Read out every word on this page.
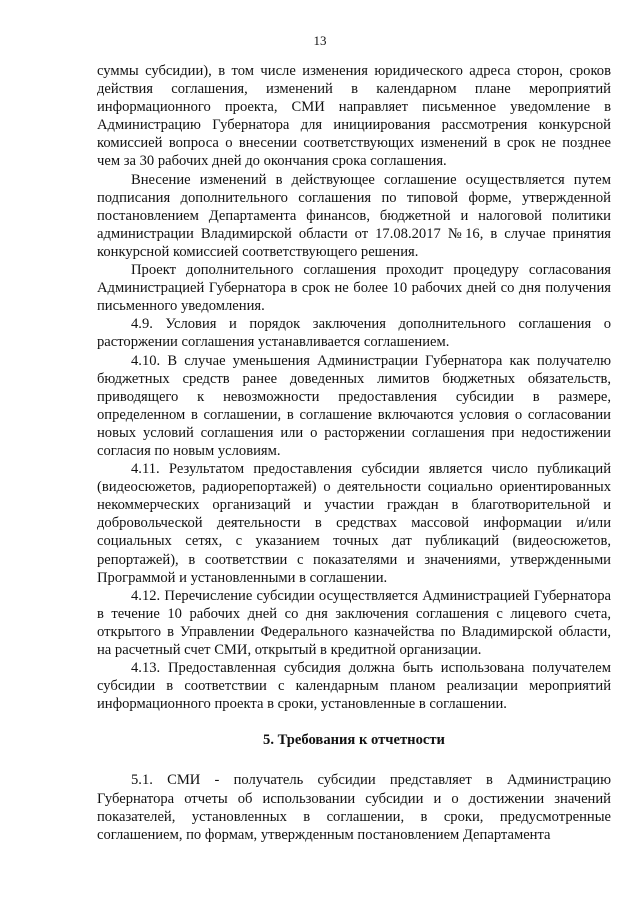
13

суммы субсидии), в том числе изменения юридического адреса сторон, сроков действия соглашения, изменений в календарном плане мероприятий информационного проекта, СМИ направляет письменное уведомление в Администрацию Губернатора для инициирования рассмотрения конкурсной комиссией вопроса о внесении соответствующих изменений в срок не позднее чем за 30 рабочих дней до окончания срока соглашения.

Внесение изменений в действующее соглашение осуществляется путем подписания дополнительного соглашения по типовой форме, утвержденной постановлением Департамента финансов, бюджетной и налоговой политики администрации Владимирской области от 17.08.2017 №16, в случае принятия конкурсной комиссией соответствующего решения.

Проект дополнительного соглашения проходит процедуру согласования Администрацией Губернатора в срок не более 10 рабочих дней со дня получения письменного уведомления.

4.9. Условия и порядок заключения дополнительного соглашения о расторжении соглашения устанавливается соглашением.

4.10. В случае уменьшения Администрации Губернатора как получателю бюджетных средств ранее доведенных лимитов бюджетных обязательств, приводящего к невозможности предоставления субсидии в размере, определенном в соглашении, в соглашение включаются условия о согласовании новых условий соглашения или о расторжении соглашения при недостижении согласия по новым условиям.

4.11. Результатом предоставления субсидии является число публикаций (видеосюжетов, радиорепортажей) о деятельности социально ориентированных некоммерческих организаций и участии граждан в благотворительной и добровольческой деятельности в средствах массовой информации и/или социальных сетях, с указанием точных дат публикаций (видеосюжетов, репортажей), в соответствии с показателями и значениями, утвержденными Программой и установленными в соглашении.

4.12. Перечисление субсидии осуществляется Администрацией Губернатора в течение 10 рабочих дней со дня заключения соглашения с лицевого счета, открытого в Управлении Федерального казначейства по Владимирской области, на расчетный счет СМИ, открытый в кредитной организации.

4.13. Предоставленная субсидия должна быть использована получателем субсидии в соответствии с календарным планом реализации мероприятий информационного проекта в сроки, установленные в соглашении.

5. Требования к отчетности

5.1. СМИ - получатель субсидии представляет в Администрацию Губернатора отчеты об использовании субсидии и о достижении значений показателей, установленных в соглашении, в сроки, предусмотренные соглашением, по формам, утвержденным постановлением Департамента
